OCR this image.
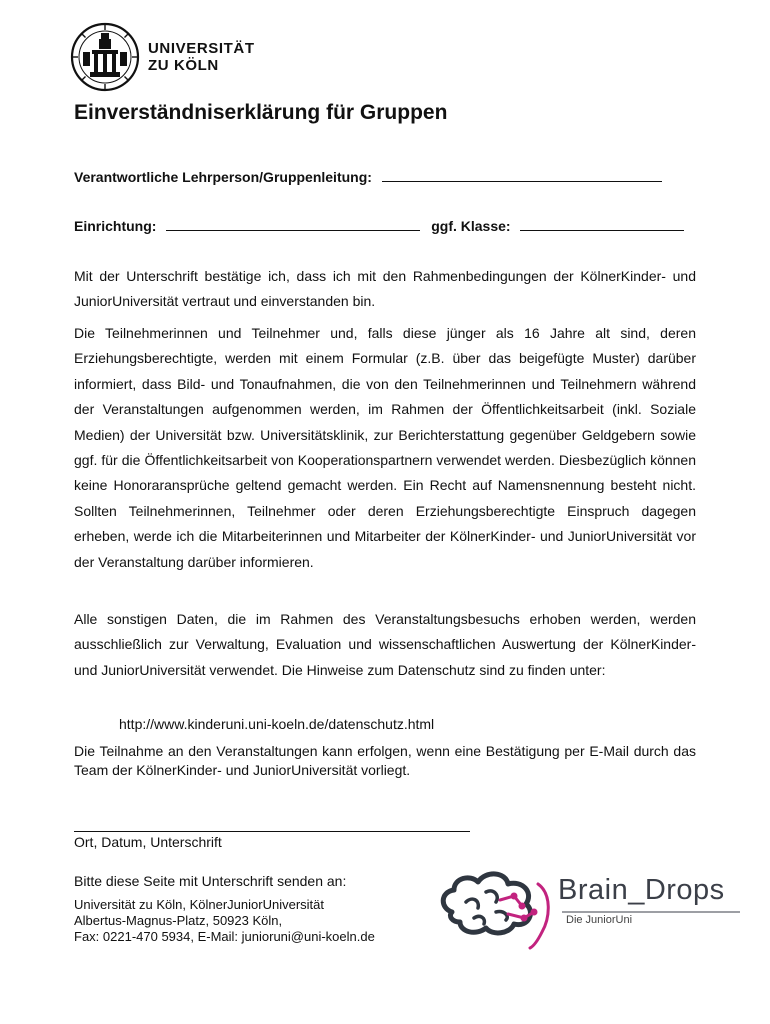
UNIVERSITÄT
ZU KÖLN
Einverständniserklärung für Gruppen
Verantwortliche Lehrperson/Gruppenleitung:
Einrichtung:	ggf. Klasse:

Mit der Unterschrift bestätige ich, dass ich mit den Rahmenbedingungen der KölnerKinder- und JuniorUniversität vertraut und einverstanden bin.

Die Teilnehmerinnen und Teilnehmer und, falls diese jünger als 16 Jahre alt sind, deren Erziehungsberechtigte, werden mit einem Formular (z.B. über das beigefügte Muster) darüber informiert, dass Bild- und Tonaufnahmen, die von den Teilnehmerinnen und Teilnehmern während der Veranstaltungen aufgenommen werden, im Rahmen der Öffentlichkeitsarbeit (inkl. Soziale Medien) der Universität bzw. Universitätsklinik, zur Berichterstattung gegenüber Geldgebern sowie ggf. für die Öffentlichkeitsarbeit von Kooperationspartnern verwendet werden. Diesbezüglich können keine Honoraransprüche geltend gemacht werden. Ein Recht auf Namensnennung besteht nicht. Sollten Teilnehmerinnen, Teilnehmer oder deren Erziehungsberechtigte Einspruch dagegen erheben, werde ich die Mitarbeiterinnen und Mitarbeiter der KölnerKinder- und JuniorUniversität vor der Veranstaltung darüber informieren.

Alle sonstigen Daten, die im Rahmen des Veranstaltungsbesuchs erhoben werden, werden ausschließlich zur Verwaltung, Evaluation und wissenschaftlichen Auswertung der KölnerKinder- und JuniorUniversität verwendet. Die Hinweise zum Datenschutz sind zu finden unter:

http://www.kinderuni.uni-koeln.de/datenschutz.html

Die Teilnahme an den Veranstaltungen kann erfolgen, wenn eine Bestätigung per E-Mail durch das Team der KölnerKinder- und JuniorUniversität vorliegt.

Ort, Datum, Unterschrift
Bitte diese Seite mit Unterschrift senden an:
Universität zu Köln, KölnerJuniorUniversität
Albertus-Magnus-Platz, 50923 Köln,
Fax: 0221-470 5934, E-Mail: junioruni@uni-koeln.de
Brain_Drops
Die JuniorUni
